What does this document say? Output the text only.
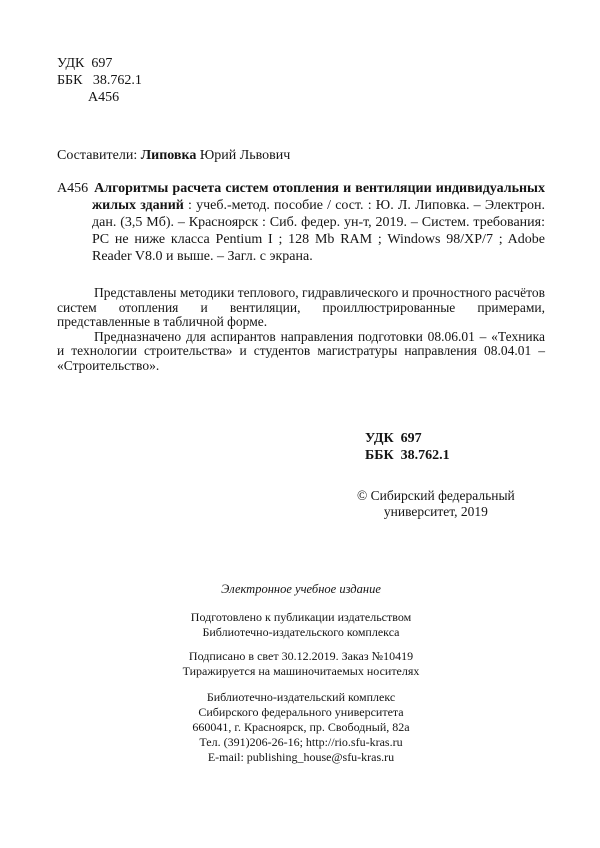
УДК  697
ББК   38.762.1
А456
Составители: Липовка Юрий Львович

А456 Алгоритмы расчета систем отопления и вентиляции индивидуальных жилых зданий : учеб.-метод. пособие / сост. : Ю. Л. Липовка. – Электрон. дан. (3,5 Мб). – Красноярск : Сиб. федер. ун-т, 2019. – Систем. требования: PC не ниже класса Pentium I ; 128 Mb RAM ; Windows 98/XP/7 ; Adobe Reader V8.0 и выше. – Загл. с экрана.

Представлены методики теплового, гидравлического и прочностного расчётов систем отопления и вентиляции, проиллюстрированные примерами, представленные в табличной форме.

Предназначено для аспирантов направления подготовки 08.06.01 – «Техника и технологии строительства» и студентов магистратуры направления 08.04.01 – «Строительство».

УДК  697
ББК  38.762.1
© Сибирский федеральный
университет, 2019
Электронное учебное издание
Подготовлено к публикации издательством
Библиотечно-издательского комплекса
Подписано в свет 30.12.2019. Заказ №10419
Тиражируется на машиночитаемых носителях
Библиотечно-издательский комплекс
Сибирского федерального университета
660041, г. Красноярск, пр. Свободный, 82а
Тел. (391)206-26-16; http://rio.sfu-kras.ru
E-mail: publishing_house@sfu-kras.ru
